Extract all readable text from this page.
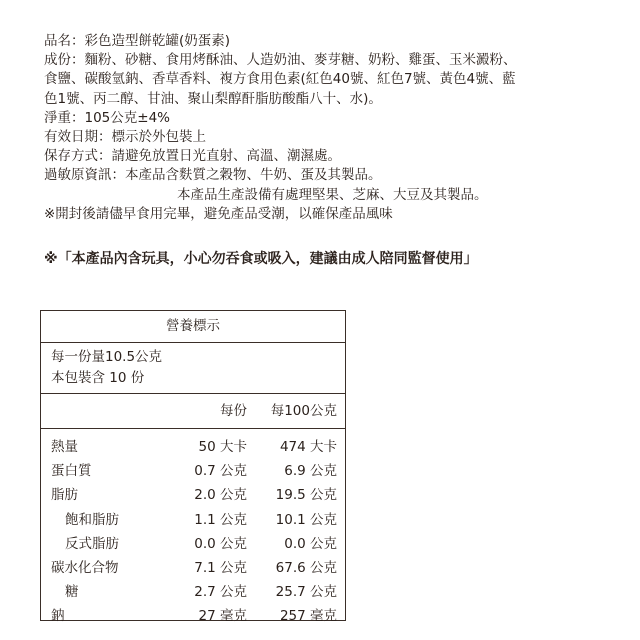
品名：彩色造型餅乾罐(奶蛋素)
成份：麵粉、砂糖、食用烤酥油、人造奶油、麥芽糖、奶粉、雞蛋、玉米澱粉、
食鹽、碳酸氫鈉、香草香料、複方食用色素(紅色40號、紅色7號、黃色4號、藍
色1號、丙二醇、甘油、聚山梨醇酐脂肪酸酯八十、水)。
淨重：105公克±4%
有效日期：標示於外包裝上
保存方式：請避免放置日光直射、高溫、潮濕處。
過敏原資訊：本產品含麩質之穀物、牛奶、蛋及其製品。
本產品生產設備有處理堅果、芝麻、大豆及其製品。
※開封後請儘早食用完畢，避免產品受潮，以確保產品風味
※「本產品內含玩具，小心勿吞食或吸入，建議由成人陪同監督使用」
營養標示
每一份量10.5公克
本包裝含 10 份
每份 每100公克
熱量	50 大卡 474 大卡
蛋白質	0.7 公克	6.9 公克
脂肪	2.0 公克 19.5 公克
飽和脂肪	1.1 公克 10.1 公克
反式脂肪	0.0 公克	0.0 公克
碳水化合物	7.1 公克 67.6 公克
糖	2.7 公克 25.7 公克
鈉	27 毫克 257 毫克
